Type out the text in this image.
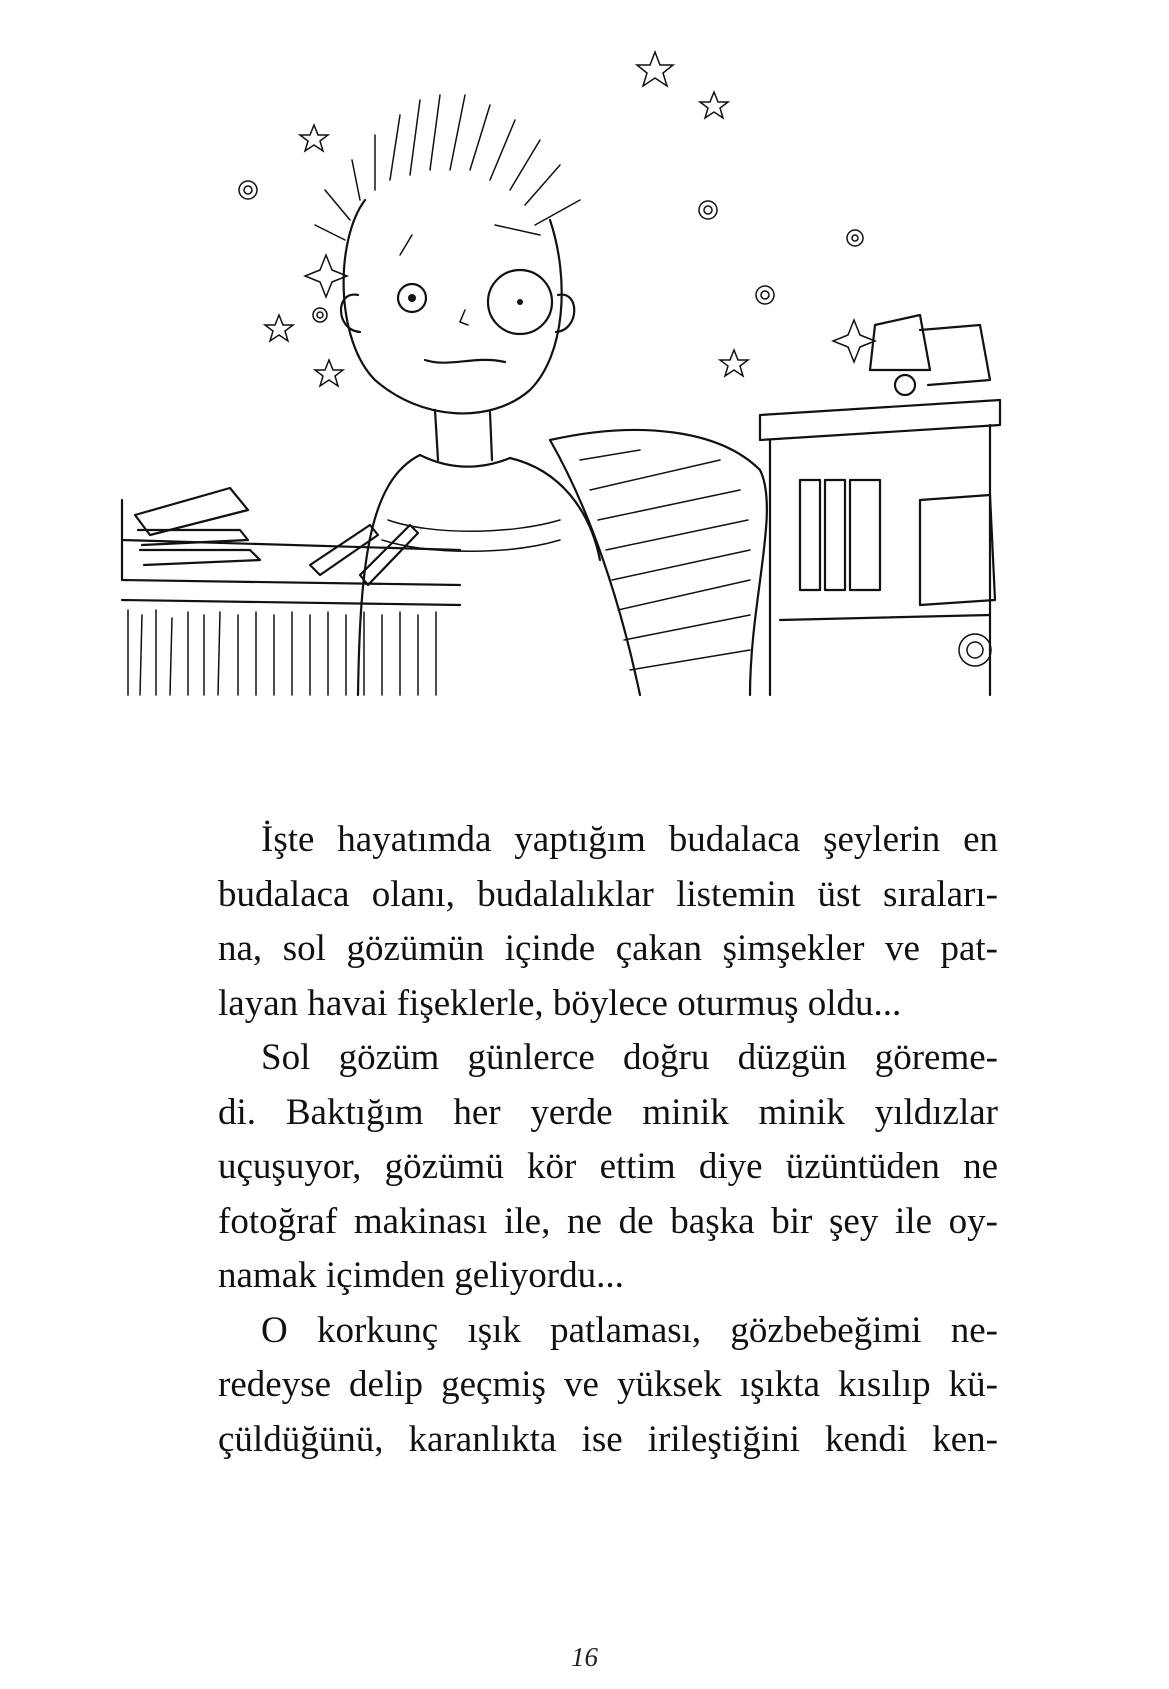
İşte hayatımda yaptığım budalaca şeylerin en
budalaca olanı, budalalıklar listemin üst sıraları-
na, sol gözümün içinde çakan şimşekler ve pat-
layan havai fişeklerle, böylece oturmuş oldu...
Sol gözüm günlerce doğru düzgün göreme-
di. Baktığım her yerde minik minik yıldızlar
uçuşuyor, gözümü kör ettim diye üzüntüden ne
fotoğraf makinası ile, ne de başka bir şey ile oy-
namak içimden geliyordu...
O korkunç ışık patlaması, gözbebeğimi ne-
redeyse delip geçmiş ve yüksek ışıkta kısılıp kü-
çüldüğünü, karanlıkta ise irileştiğini kendi ken-
16
